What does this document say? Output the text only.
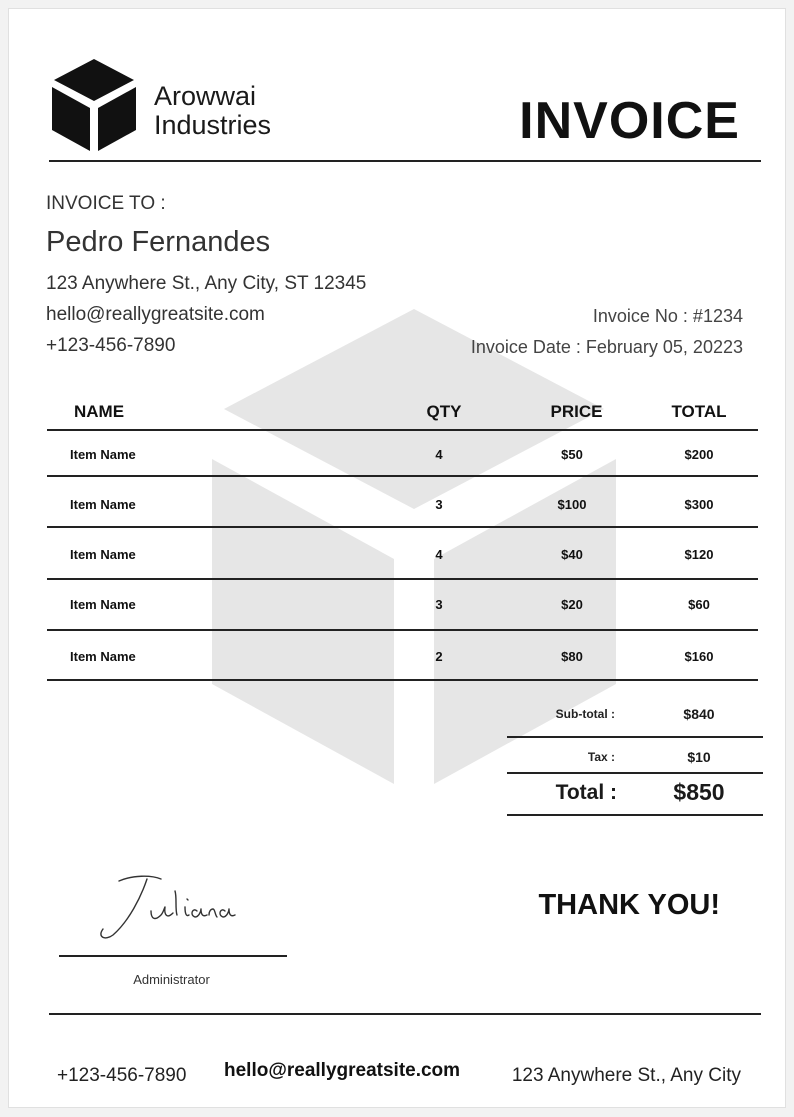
Arowwai
Industries	INVOICE
INVOICE TO :
Pedro Fernandes
123 Anywhere St., Any City, ST 12345
hello@reallygreatsite.com
+123-456-7890
Invoice No : #1234
Invoice Date : February 05, 20223
NAME	QTY	PRICE	TOTAL
Item Name	4	$50	$200
Item Name	3	$100	$300
Item Name	4	$40	$120
Item Name	3	$20	$60
Item Name	2	$80	$160
Sub-total :	$840
Tax :	$10
Total :	$850
Administrator
THANK YOU!
+123-456-7890 hello@reallygreatsite.com	123 Anywhere St., Any City
